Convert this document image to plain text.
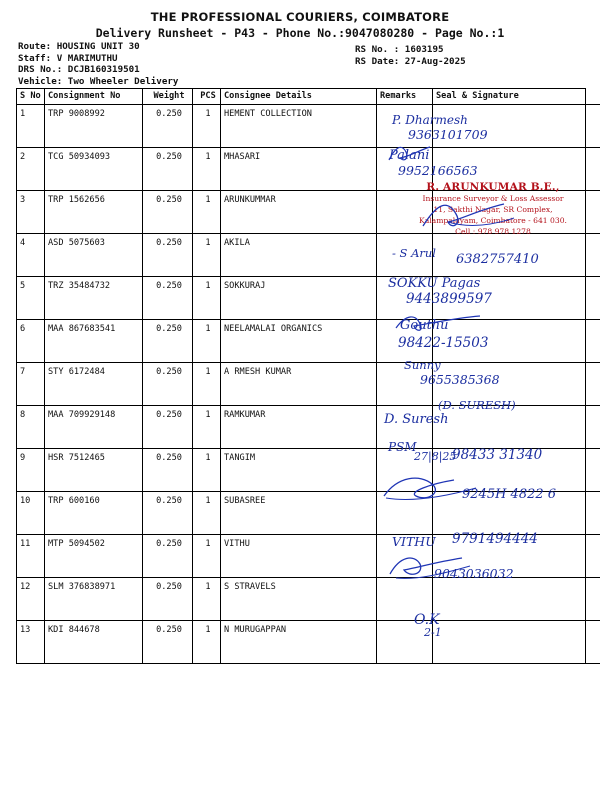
THE PROFESSIONAL COURIERS, COIMBATORE
Delivery Runsheet - P43 - Phone No.:9047080280 - Page No.:1
Route: HOUSING UNIT 30
Staff: V MARIMUTHU
DRS No.: DCJB160319501
Vehicle: Two Wheeler Delivery
RS No. : 1603195
RS Date: 27-Aug-2025
S No	Consignment No	Weight	PCS	Consignee Details	Remarks	Seal & Signature
1	TRP 9008992	0.250	1	HEMENT COLLECTION		
2	TCG 50934093	0.250	1	MHASARI		
3	TRP 1562656	0.250	1	ARUNKUMMAR		
4	ASD 5075603	0.250	1	AKILA		
5	TRZ 35484732	0.250	1	SOKKURAJ		
6	MAA 867683541	0.250	1	NEELAMALAI ORGANICS		
7	STY 6172484	0.250	1	A RMESH KUMAR		
8	MAA 709929148	0.250	1	RAMKUMAR		
9	HSR 7512465	0.250	1	TANGIM		
10	TRP 600160	0.250	1	SUBASREE		
11	MTP 5094502	0.250	1	VITHU		
12	SLM 376838971	0.250	1	S STRAVELS		
13	KDI 844678	0.250	1	N MURUGAPPAN		
P. Dharmesh
9363101709
Palani
9952166563
R. ARUNKUMAR B.E.,
Insurance Surveyor & Loss Assessor
11, Sakthi Nagar, SR Complex,
Kalampalayam, Coimbatore - 641 030.
Cell : 978 978 1278
- S Arul 6382757410
SOKKU Pagas
9443899597
Gouthu
98422-15503
Sunny
9655385368
(D. SURESH)
D. Suresh
PSM
27|8|25
98433 31340
9245H 4822 6
VITHU 9791494444
9043036032
O.K
2-1
